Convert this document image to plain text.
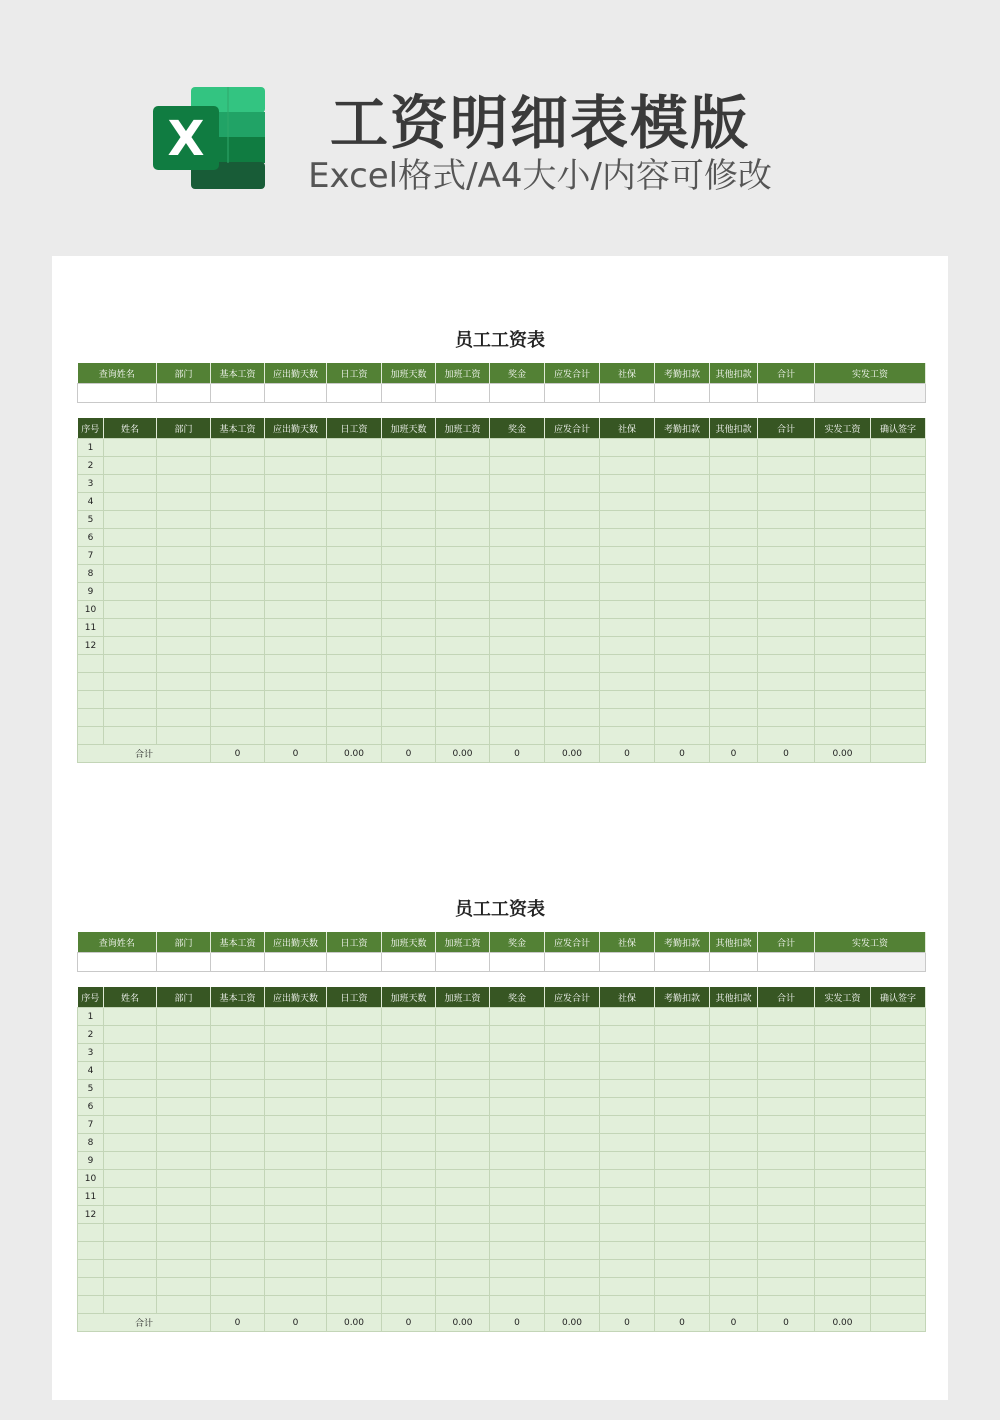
X	工资明细表模版
Excel格式/A4大小/内容可修改
员工工资表
查询姓名	部门	基本工资	应出勤天数	日工资	加班天数	加班工资	奖金	应发合计	社保	考勤扣款	其他扣款	合计	实发工资

序号	姓名	部门	基本工资	应出勤天数	日工资	加班天数	加班工资	奖金	应发合计	社保	考勤扣款	其他扣款	合计	实发工资	确认签字
1															
2															
3															
4															
5															
6															
7															
8															
9															
10															
11															
12															

合计			0	0	0.00	0	0.00	0	0.00	0	0	0	0	0.00	
员工工资表
查询姓名	部门	基本工资	应出勤天数	日工资	加班天数	加班工资	奖金	应发合计	社保	考勤扣款	其他扣款	合计	实发工资

序号	姓名	部门	基本工资	应出勤天数	日工资	加班天数	加班工资	奖金	应发合计	社保	考勤扣款	其他扣款	合计	实发工资	确认签字
1															
2															
3															
4															
5															
6															
7															
8															
9															
10															
11															
12															

合计			0	0	0.00	0	0.00	0	0.00	0	0	0	0	0.00	
